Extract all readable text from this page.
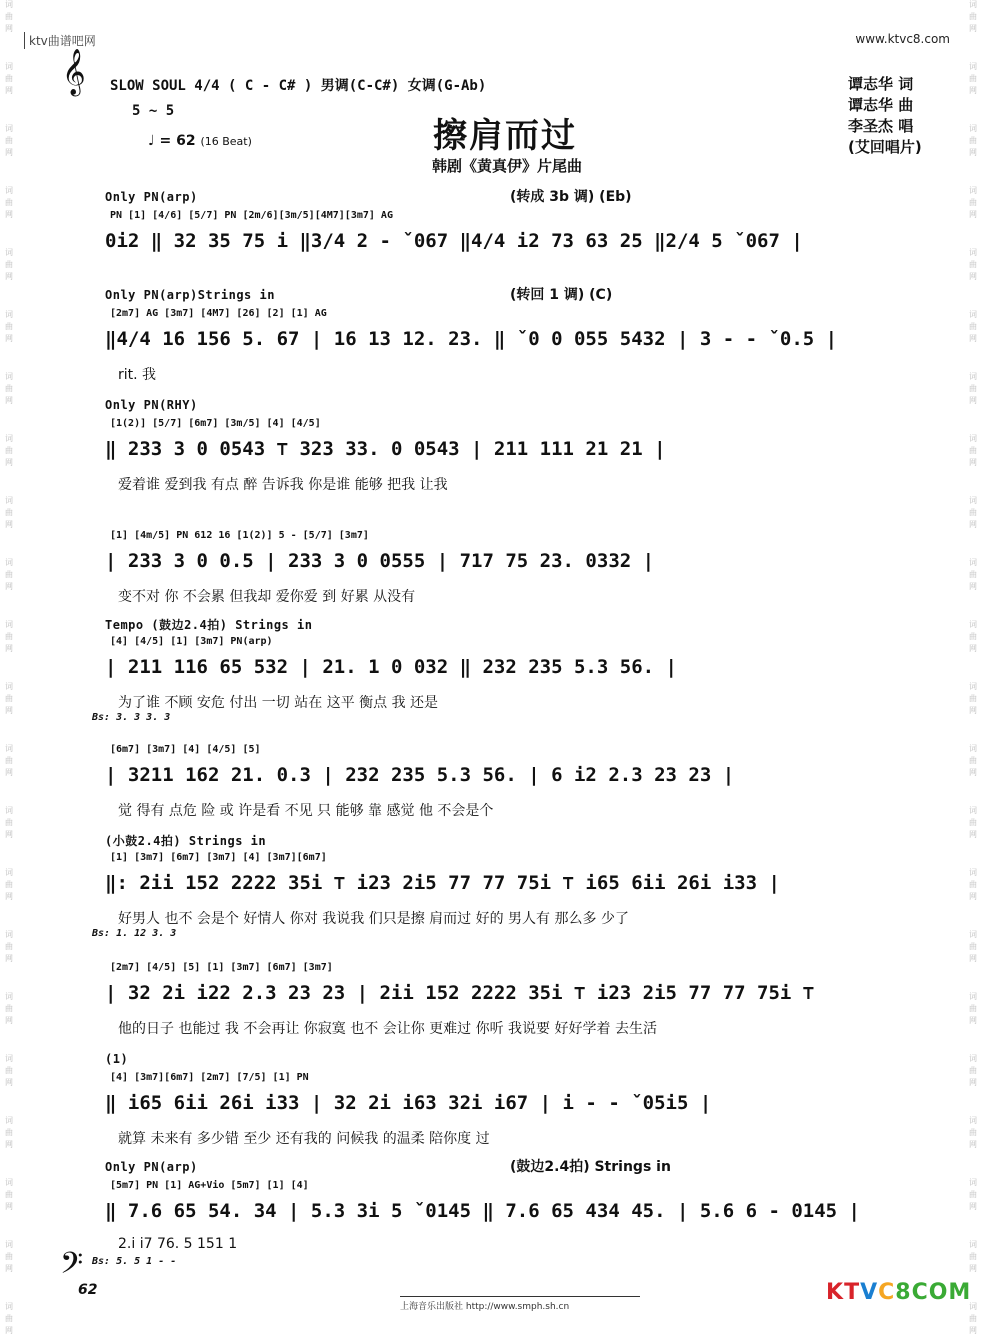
词
曲
网
词
曲
网
词
曲
网
词
曲
网
词
曲
网
词
曲
网
词
曲
网
词
曲
网
词
曲
网
词
曲
网
词
曲
网
词
曲
网
词
曲
网
词
曲
网
词
曲
网
词
曲
网
词
曲
网
词
曲
网
词
曲
网
词
曲
网
词
曲
网
词
曲
网
词
曲
网
词
曲
网
词
曲
网
词
曲
网
词
曲
网
词
曲
网
词
曲
网
词
曲
网
词
曲
网
词
曲
网
词
曲
网
词
曲
网
词
曲
网
词
曲
网
词
曲
网
词
曲
网
词
曲
网
词
曲
网
词
曲
网
词
曲
网
词
曲
网
词
曲
网
ktv曲谱吧网	www.ktvc8.com
𝄞 SLOW SOUL 4/4 ( C - C# ) 男调(C-C#) 女调(G-Ab)
5 ~ 5
♩ = 62 (16 Beat)	擦肩而过
韩剧《黄真伊》片尾曲
谭志华 词
谭志华 曲
李圣杰 唱
(艾回唱片)
Only PN(arp)	(转成 3b 调) (Eb)
PN [1] [4/6] [5/7] PN [2m/6][3m/5][4M7][3m7] AG
0i2 ‖ 32 35 75 i ‖3/4 2 - ˇ067 ‖4/4 i2 73 63 25 ‖2/4 5 ˇ067 |
Only PN(arp)Strings in	(转回 1 调) (C)
[2m7] AG [3m7] [4M7] [26] [2] [1] AG
‖4/4 16 156 5. 67 | 16 13 12. 23. ‖ ˇ0 0 055 5432 | 3 - - ˇ0.5 |
rit. 我
Only PN(RHY)
[1(2)] [5/7] [6m7] [3m/5] [4] [4/5]
‖ 233 3 0 0543 ⊤ 323 33. 0 0543 | 211 111 21 21 |
爱着谁 爱到我 有点 醉 告诉我 你是谁 能够 把我 让我
[1] [4m/5] PN 612 16 [1(2)] 5 - [5/7] [3m7]
| 233 3 0 0.5 | 233 3 0 0555 | 717 75 23. 0332 |
变不对 你 不会累 但我却 爱你爱 到 好累 从没有
Tempo (鼓边2.4拍) Strings in
[4] [4/5] [1] [3m7] PN(arp)
| 211 116 65 532 | 21. 1 0 032 ‖ 232 235 5.3 56. |
为了谁 不顾 安危 付出 一切 站在 这平 衡点 我 还是
Bs: 3. 3 3. 3
[6m7] [3m7] [4] [4/5] [5]
| 3211 162 21. 0.3 | 232 235 5.3 56. | 6 i2 2.3 23 23 |
觉 得有 点危 险 或 许是看 不见 只 能够 靠 感觉 他 不会是个
(小鼓2.4拍) Strings in
[1] [3m7] [6m7] [3m7] [4] [3m7][6m7]
‖: 2ii 152 2222 35i ⊤ i23 2i5 77 77 75i ⊤ i65 6ii 26i i33 |
好男人 也不 会是个 好情人 你对 我说我 们只是擦 肩而过 好的 男人有 那么多 少了
Bs: 1. 12 3. 3
[2m7] [4/5] [5] [1] [3m7] [6m7] [3m7]
| 32 2i i22 2.3 23 23 | 2ii 152 2222 35i ⊤ i23 2i5 77 77 75i ⊤
他的日子 也能过 我 不会再让 你寂寞 也不 会让你 更难过 你听 我说要 好好学着 去生活
(1)
[4] [3m7][6m7] [2m7] [7/5] [1] PN
‖ i65 6ii 26i i33 | 32 2i i63 32i i67 | i - - ˇ05i5 |
就算 未来有 多少错 至少 还有我的 问候我 的温柔 陪你度 过
Only PN(arp)	(鼓边2.4拍) Strings in
[5m7] PN [1] AG+Vio [5m7] [1] [4]
‖ 7.6 65 54. 34 | 5.3 3i 5 ˇ0145 ‖ 7.6 65 434 45. | 5.6 6 - 0145 |
2.i i7 76. 5 151 1
Bs: 5. 5 1 - -
𝄢
62
上海音乐出版社 http://www.smph.sh.cn
KTVC8COM
